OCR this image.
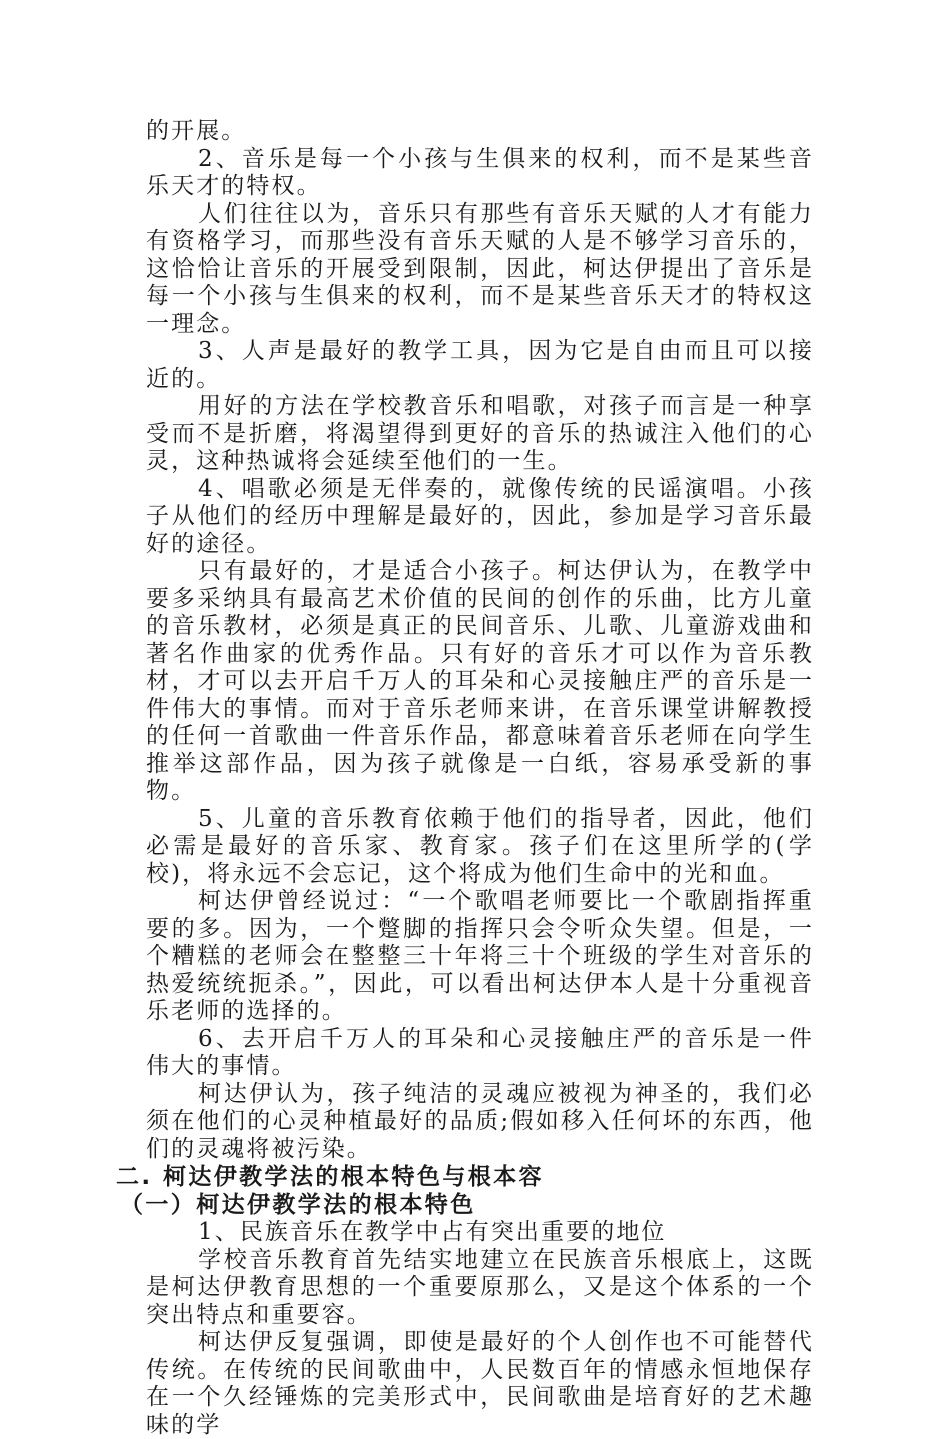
的开展。

2、音乐是每一个小孩与生俱来的权利，而不是某些音乐天才的特权。

人们往往以为，音乐只有那些有音乐天赋的人才有能力有资格学习，而那些没有音乐天赋的人是不够学习音乐的，这恰恰让音乐的开展受到限制，因此，柯达伊提出了音乐是每一个小孩与生俱来的权利，而不是某些音乐天才的特权这一理念。

3、人声是最好的教学工具，因为它是自由而且可以接近的。

用好的方法在学校教音乐和唱歌，对孩子而言是一种享受而不是折磨，将渴望得到更好的音乐的热诚注入他们的心灵，这种热诚将会延续至他们的一生。

4、唱歌必须是无伴奏的，就像传统的民谣演唱。小孩子从他们的经历中理解是最好的，因此，参加是学习音乐最好的途径。

只有最好的，才是适合小孩子。柯达伊认为，在教学中要多采纳具有最高艺术价值的民间的创作的乐曲，比方儿童的音乐教材，必须是真正的民间音乐、儿歌、儿童游戏曲和著名作曲家的优秀作品。只有好的音乐才可以作为音乐教材，才可以去开启千万人的耳朵和心灵接触庄严的音乐是一件伟大的事情。而对于音乐老师来讲，在音乐课堂讲解教授的任何一首歌曲一件音乐作品，都意味着音乐老师在向学生推举这部作品，因为孩子就像是一白纸，容易承受新的事物。

5、儿童的音乐教育依赖于他们的指导者，因此，他们必需是最好的音乐家、教育家。孩子们在这里所学的(学校)，将永远不会忘记，这个将成为他们生命中的光和血。

柯达伊曾经说过：“一个歌唱老师要比一个歌剧指挥重要的多。因为，一个蹩脚的指挥只会令听众失望。但是，一个糟糕的老师会在整整三十年将三十个班级的学生对音乐的热爱统统扼杀。”，因此，可以看出柯达伊本人是十分重视音乐老师的选择的。

6、去开启千万人的耳朵和心灵接触庄严的音乐是一件伟大的事情。

柯达伊认为，孩子纯洁的灵魂应被视为神圣的，我们必须在他们的心灵种植最好的品质;假如移入任何坏的东西，他们的灵魂将被污染。

二. 柯达伊教学法的根本特色与根本容

（一）柯达伊教学法的根本特色

1、民族音乐在教学中占有突出重要的地位

学校音乐教育首先结实地建立在民族音乐根底上，这既是柯达伊教育思想的一个重要原那么，又是这个体系的一个突出特点和重要容。

柯达伊反复强调，即使是最好的个人创作也不可能替代传统。在传统的民间歌曲中，人民数百年的情感永恒地保存在一个久经锤炼的完美形式中，民间歌曲是培育好的艺术趣味的学
